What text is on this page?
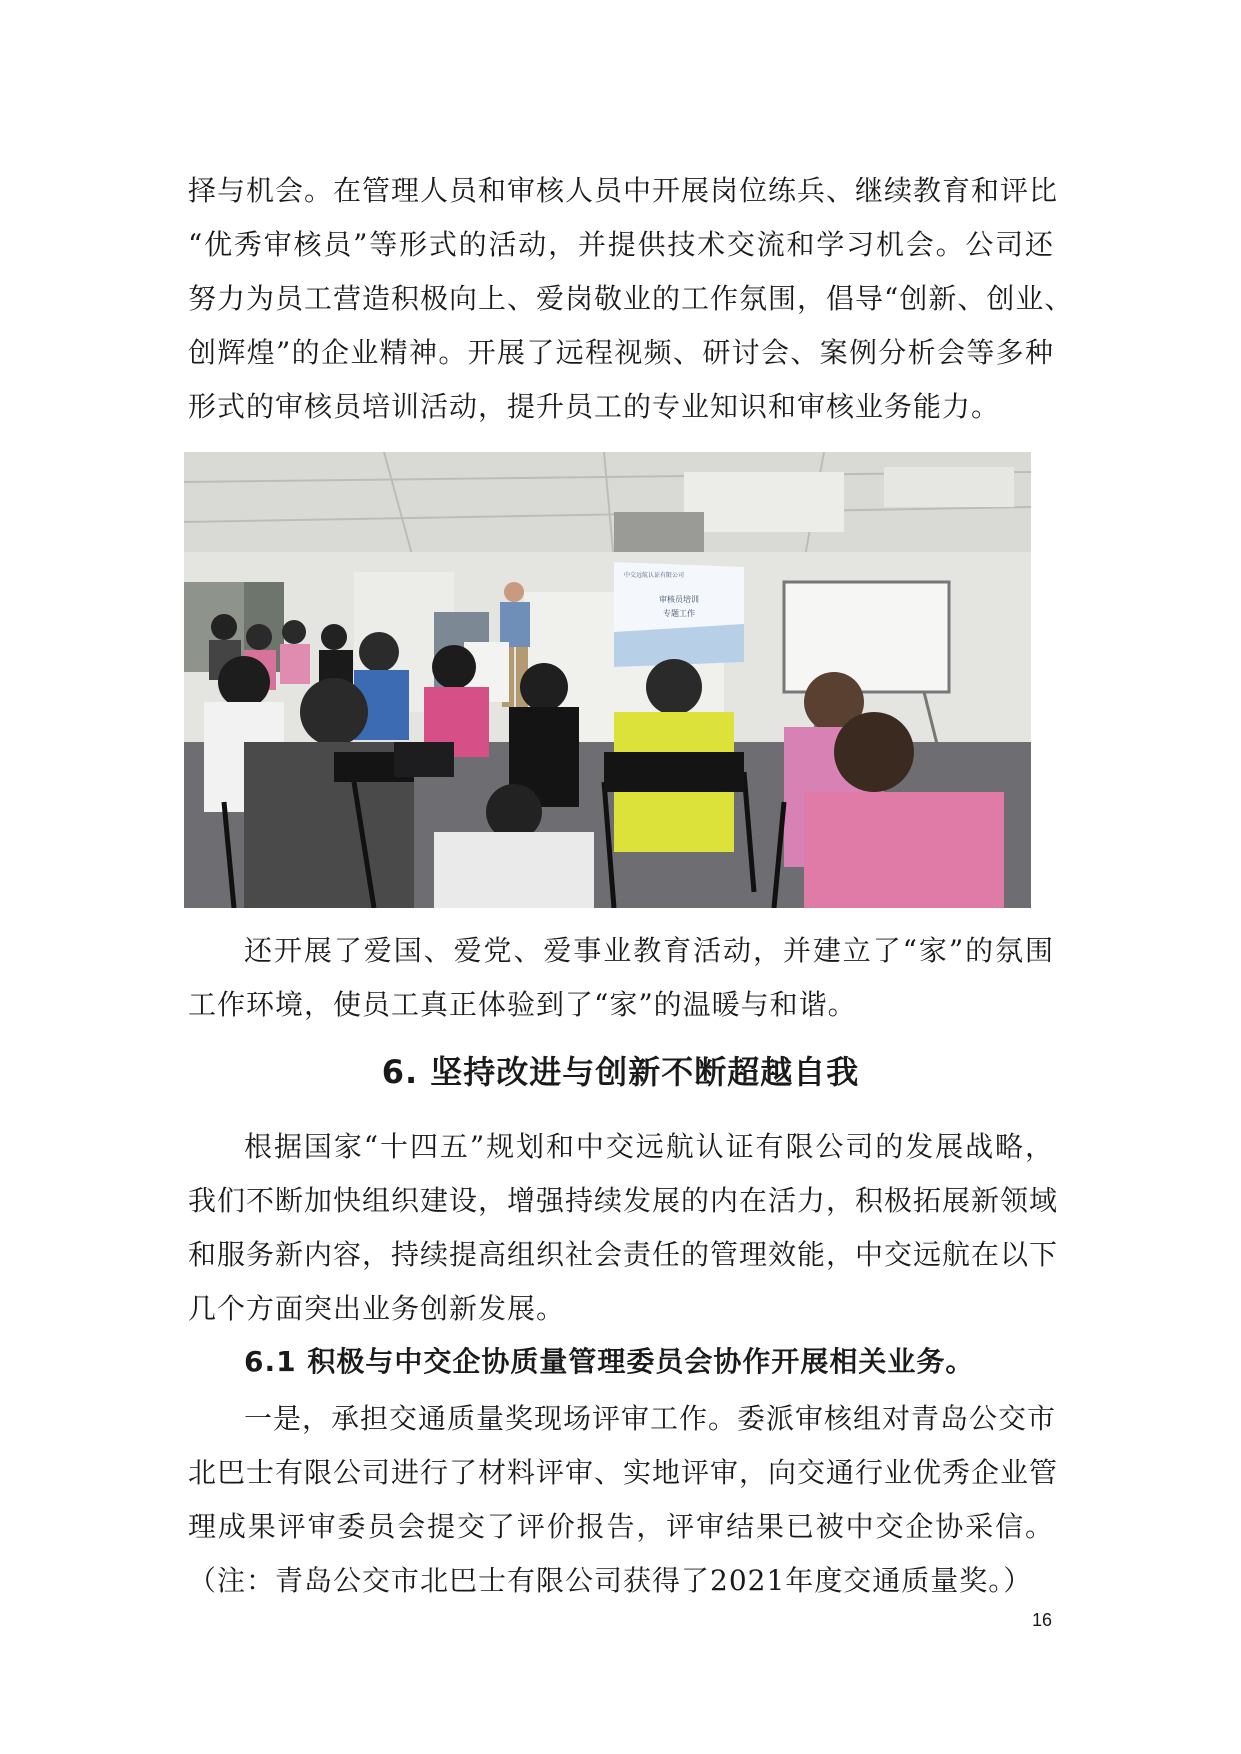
择与机会。在管理人员和审核人员中开展岗位练兵、继续教育和评比
“优秀审核员”等形式的活动，并提供技术交流和学习机会。公司还
努力为员工营造积极向上、爱岗敬业的工作氛围，倡导“创新、创业、
创辉煌”的企业精神。开展了远程视频、研讨会、案例分析会等多种
形式的审核员培训活动，提升员工的专业知识和审核业务能力。
审核员培训
专题工作
中交远航认证有限公司
还开展了爱国、爱党、爱事业教育活动，并建立了“家”的氛围
工作环境，使员工真正体验到了“家”的温暖与和谐。
6. 坚持改进与创新不断超越自我
根据国家“十四五”规划和中交远航认证有限公司的发展战略，
我们不断加快组织建设，增强持续发展的内在活力，积极拓展新领域
和服务新内容，持续提高组织社会责任的管理效能，中交远航在以下
几个方面突出业务创新发展。
6.1 积极与中交企协质量管理委员会协作开展相关业务。
一是，承担交通质量奖现场评审工作。委派审核组对青岛公交市
北巴士有限公司进行了材料评审、实地评审，向交通行业优秀企业管
理成果评审委员会提交了评价报告，评审结果已被中交企协采信。
（注：青岛公交市北巴士有限公司获得了2021年度交通质量奖。）
16
